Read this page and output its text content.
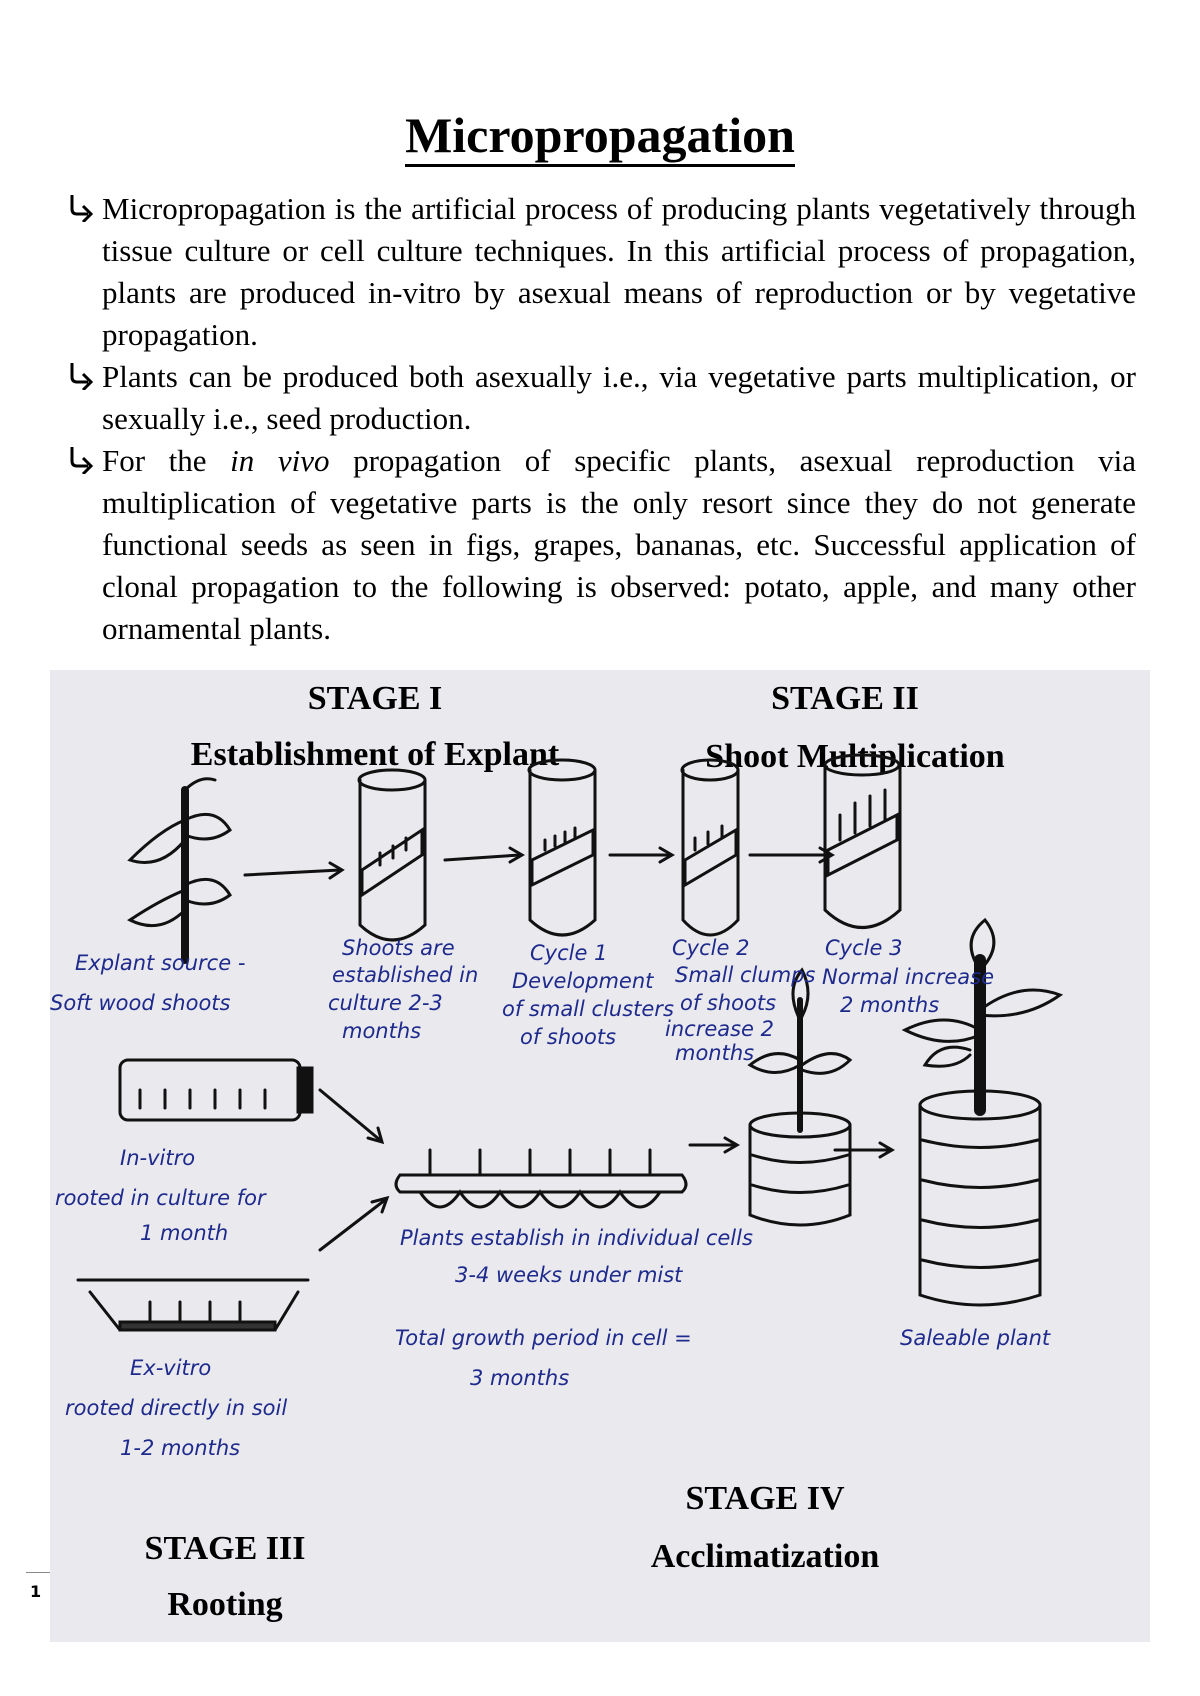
Micropropagation

Micropropagation is the artificial process of producing plants vegetatively through tissue culture or cell culture techniques. In this artificial process of propagation, plants are produced in-vitro by asexual means of reproduction or by vegetative propagation.

Plants can be produced both asexually i.e., via vegetative parts multiplication, or sexually i.e., seed production.

For the in vivo propagation of specific plants, asexual reproduction via multiplication of vegetative parts is the only resort since they do not generate functional seeds as seen in figs, grapes, bananas, etc. Successful application of clonal propagation to the following is observed: potato, apple, and many other ornamental plants.

STAGE I
Establishment of Explant
STAGE II
Shoot Multiplication
STAGE III
Rooting
STAGE IV
Acclimatization
Explant source -Soft wood shoots
Shoots are established in culture 2-3 months
Cycle 1 Development of small clusters of shoots
Cycle 2 Small clumps of shoots increase 2 months
Cycle 3 Normal increase 2 months
In-vitro rooted in culture for 1 month
Ex-vitro rooted directly in soil 1-2 months
Plants establish in individual cells 3-4 weeks under mist
Total growth period in cell = 3 months
Saleable plant
1
